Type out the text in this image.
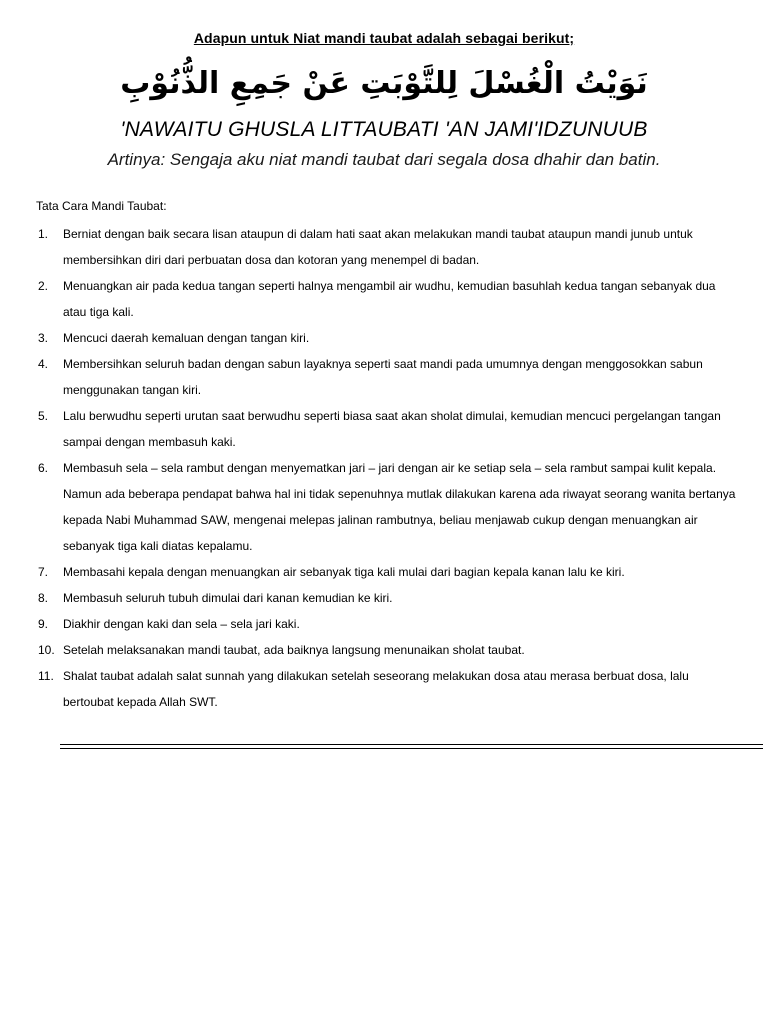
Adapun untuk Niat mandi taubat adalah sebagai berikut;
نَوَيْتُ الْغُسْلَ لِلتَّوْبَتِ عَنْ جَمِعِ الذُّنُوْبِ
'NAWAITU GHUSLA LITTAUBATI 'AN JAMI'IDZUNUUB
Artinya: Sengaja aku niat mandi taubat dari segala dosa dhahir dan batin.
Tata Cara Mandi Taubat:
1.	Berniat dengan baik secara lisan ataupun di dalam hati saat akan melakukan mandi taubat ataupun mandi junub untuk membersihkan diri dari perbuatan dosa dan kotoran yang menempel di badan.
2.	Menuangkan air pada kedua tangan seperti halnya mengambil air wudhu, kemudian basuhlah kedua tangan sebanyak dua atau tiga kali.
3.	Mencuci daerah kemaluan dengan tangan kiri.
4.	Membersihkan seluruh badan dengan sabun layaknya seperti saat mandi pada umumnya dengan menggosokkan sabun menggunakan tangan kiri.
5.	Lalu berwudhu seperti urutan saat berwudhu seperti biasa saat akan sholat dimulai, kemudian mencuci pergelangan tangan sampai dengan membasuh kaki.
6.	Membasuh sela – sela rambut dengan menyematkan jari – jari dengan air ke setiap sela – sela rambut sampai kulit kepala. Namun ada beberapa pendapat bahwa hal ini tidak sepenuhnya mutlak dilakukan karena ada riwayat seorang wanita bertanya kepada Nabi Muhammad SAW, mengenai melepas jalinan rambutnya, beliau menjawab cukup dengan menuangkan air sebanyak tiga kali diatas kepalamu.
7.	Membasahi kepala dengan menuangkan air sebanyak tiga kali mulai dari bagian kepala kanan lalu ke kiri.
8.	Membasuh seluruh tubuh dimulai dari kanan kemudian ke kiri.
9.	Diakhir dengan kaki dan sela – sela jari kaki.
10. Setelah melaksanakan mandi taubat, ada baiknya langsung menunaikan sholat taubat.
11. Shalat taubat adalah salat sunnah yang dilakukan setelah seseorang melakukan dosa atau merasa berbuat dosa, lalu bertoubat kepada Allah SWT.
